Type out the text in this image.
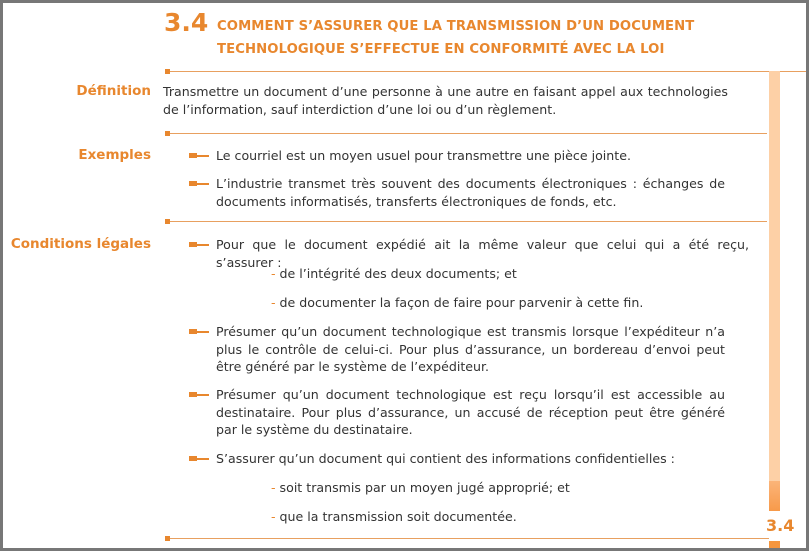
3.4 COMMENT S’ASSURER QUE LA TRANSMISSION D’UN DOCUMENT
TECHNOLOGIQUE S’EFFECTUE EN CONFORMITÉ AVEC LA LOI
3.4
Définition Transmettre un document d’une personne à une autre en faisant appel aux technologies de l’information, sauf interdiction d’une loi ou d’un règlement.
Exemples	Le courriel est un moyen usuel pour transmettre une pièce jointe.
L’industrie transmet très souvent des documents électroniques : échanges de documents informatisés, transferts électroniques de fonds, etc.
Conditions légales	Pour que le document expédié ait la même valeur que celui qui a été reçu, s’assurer :
- de l’intégrité des deux documents; et
- de documenter la façon de faire pour parvenir à cette fin.
Présumer qu’un document technologique est transmis lorsque l’expéditeur n’a plus le contrôle de celui-ci. Pour plus d’assurance, un bordereau d’envoi peut être généré par le système de l’expéditeur.
Présumer qu’un document technologique est reçu lorsqu’il est accessible au destinataire. Pour plus d’assurance, un accusé de réception peut être généré par le système du destinataire.
S’assurer qu’un document qui contient des informations confidentielles :
- soit transmis par un moyen jugé approprié; et
- que la transmission soit documentée.
